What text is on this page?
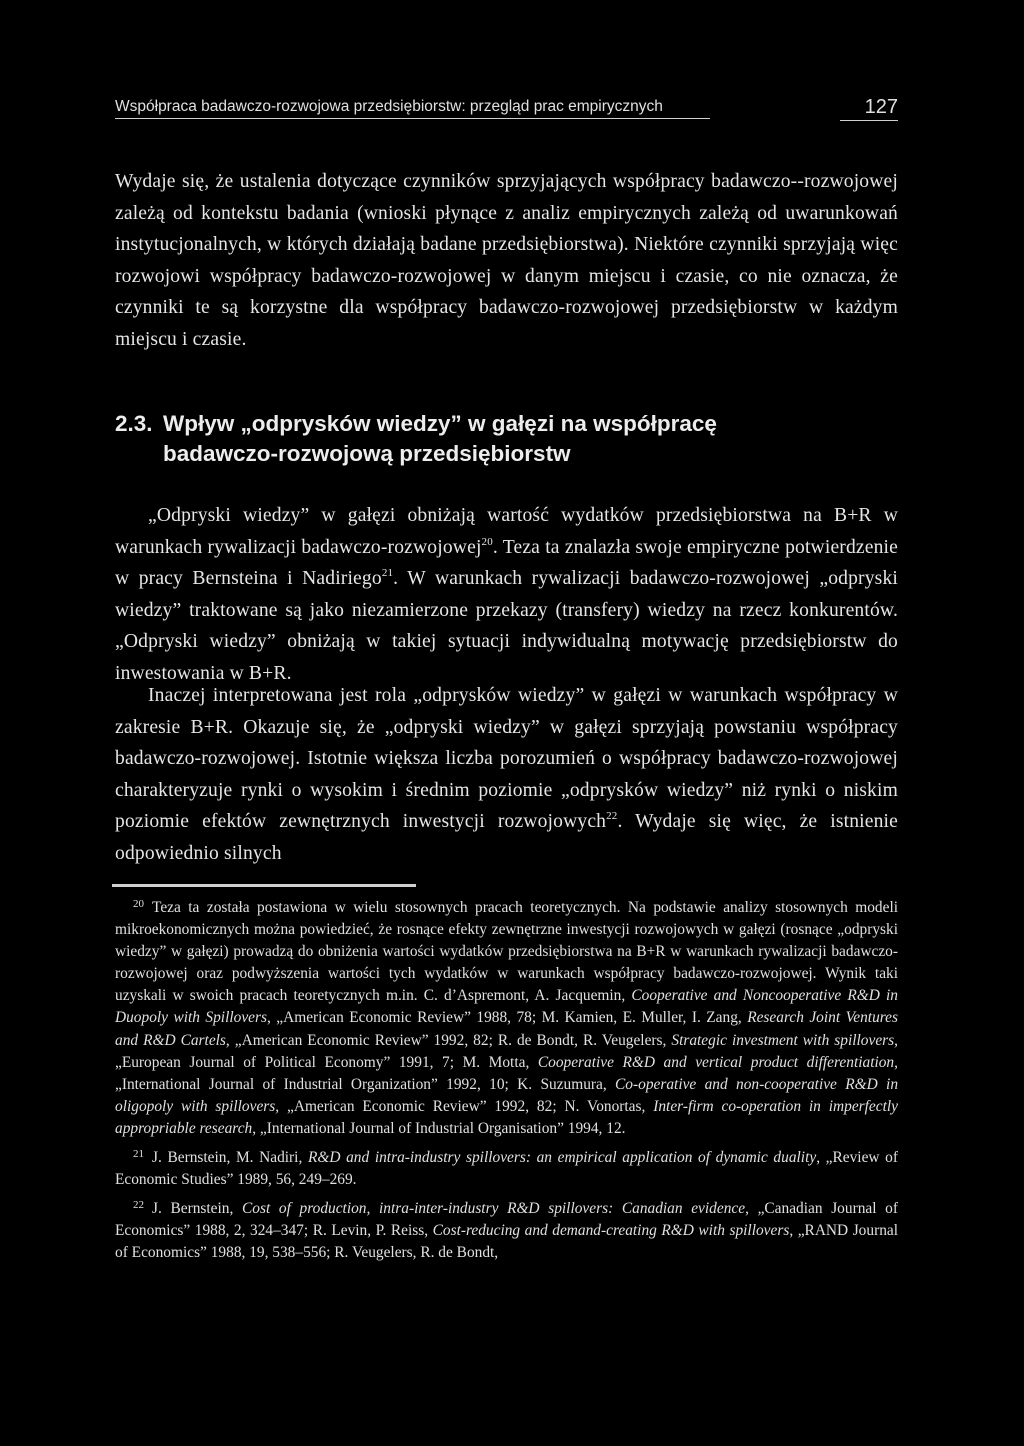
Współpraca badawczo-rozwojowa przedsiębiorstw: przegląd prac empirycznych	127

Wydaje się, że ustalenia dotyczące czynników sprzyjających współpracy badawczo--rozwojowej zależą od kontekstu badania (wnioski płynące z analiz empirycznych zależą od uwarunkowań instytucjonalnych, w których działają badane przedsiębiorstwa). Niektóre czynniki sprzyjają więc rozwojowi współpracy badawczo-rozwojowej w danym miejscu i czasie, co nie oznacza, że czynniki te są korzystne dla współpracy badawczo-rozwojowej przedsiębiorstw w każdym miejscu i czasie.

2.3. Wpływ „odprysków wiedzy” w gałęzi na współpracę
badawczo-rozwojową przedsiębiorstw

„Odpryski wiedzy” w gałęzi obniżają wartość wydatków przedsiębiorstwa na B+R w warunkach rywalizacji badawczo-rozwojowej$^{20}$. Teza ta znalazła swoje empiryczne potwierdzenie w pracy Bernsteina i Nadiriego$^{21}$. W warunkach rywalizacji badawczo-rozwojowej „odpryski wiedzy” traktowane są jako niezamierzone przekazy (transfery) wiedzy na rzecz konkurentów. „Odpryski wiedzy” obniżają w takiej sytuacji indywidualną motywację przedsiębiorstw do inwestowania w B+R.

Inaczej interpretowana jest rola „odprysków wiedzy” w gałęzi w warunkach współpracy w zakresie B+R. Okazuje się, że „odpryski wiedzy” w gałęzi sprzyjają powstaniu współpracy badawczo-rozwojowej. Istotnie większa liczba porozumień o współpracy badawczo-rozwojowej charakteryzuje rynki o wysokim i średnim poziomie „odprysków wiedzy” niż rynki o niskim poziomie efektów zewnętrznych inwestycji rozwojowych$^{22}$. Wydaje się więc, że istnienie odpowiednio silnych

$^{20}$ Teza ta została postawiona w wielu stosownych pracach teoretycznych. Na podstawie analizy stosownych modeli mikroekonomicznych można powiedzieć, że rosnące efekty zewnętrzne inwestycji rozwojowych w gałęzi (rosnące „odpryski wiedzy” w gałęzi) prowadzą do obniżenia wartości wydatków przedsiębiorstwa na B+R w warunkach rywalizacji badawczo-rozwojowej oraz podwyższenia wartości tych wydatków w warunkach współpracy badawczo-rozwojowej. Wynik taki uzyskali w swoich pracach teoretycznych m.in. C. d’Aspremont, A. Jacquemin, Cooperative and Noncooperative R&D in Duopoly with Spillovers, „American Economic Review” 1988, 78; M. Kamien, E. Muller, I. Zang, Research Joint Ventures and R&D Cartels, „American Economic Review” 1992, 82; R. de Bondt, R. Veugelers, Strategic investment with spillovers, „European Journal of Political Economy” 1991, 7; M. Motta, Cooperative R&D and vertical product differentiation, „International Journal of Industrial Organization” 1992, 10; K. Suzumura, Co-operative and non-cooperative R&D in oligopoly with spillovers, „American Economic Review” 1992, 82; N. Vonortas, Inter-firm co-operation in imperfectly appropriable research, „International Journal of Industrial Organisation” 1994, 12.

$^{21}$ J. Bernstein, M. Nadiri, R&D and intra-industry spillovers: an empirical application of dynamic duality, „Review of Economic Studies” 1989, 56, 249–269.

$^{22}$ J. Bernstein, Cost of production, intra-inter-industry R&D spillovers: Canadian evidence, „Canadian Journal of Economics” 1988, 2, 324–347; R. Levin, P. Reiss, Cost-reducing and demand-creating R&D with spillovers, „RAND Journal of Economics” 1988, 19, 538–556; R. Veugelers, R. de Bondt,
